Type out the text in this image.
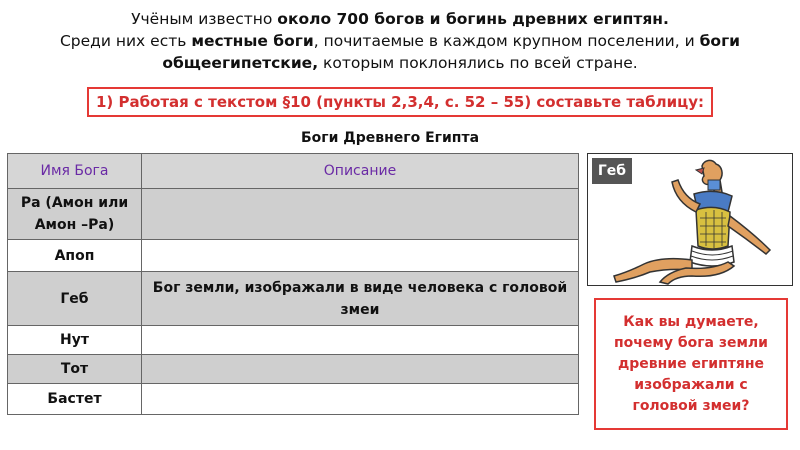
Учёным известно около 700 богов и богинь древних египтян.
Среди них есть местные боги, почитаемые в каждом крупном поселении, и боги
общеегипетские, которым поклонялись по всей стране.
1) Работая с текстом §10 (пункты 2,3,4, с. 52 – 55) составьте таблицу:
Боги Древнего Египта
Имя Бога	Описание
Ра (Амон или Амон –Ра)	
Апоп	
Геб	Бог земли, изображали в виде человека с головой змеи
Нут	
Тот	
Бастет	
Геб
Как вы думаете, почему бога земли древние египтяне изображали с головой змеи?
